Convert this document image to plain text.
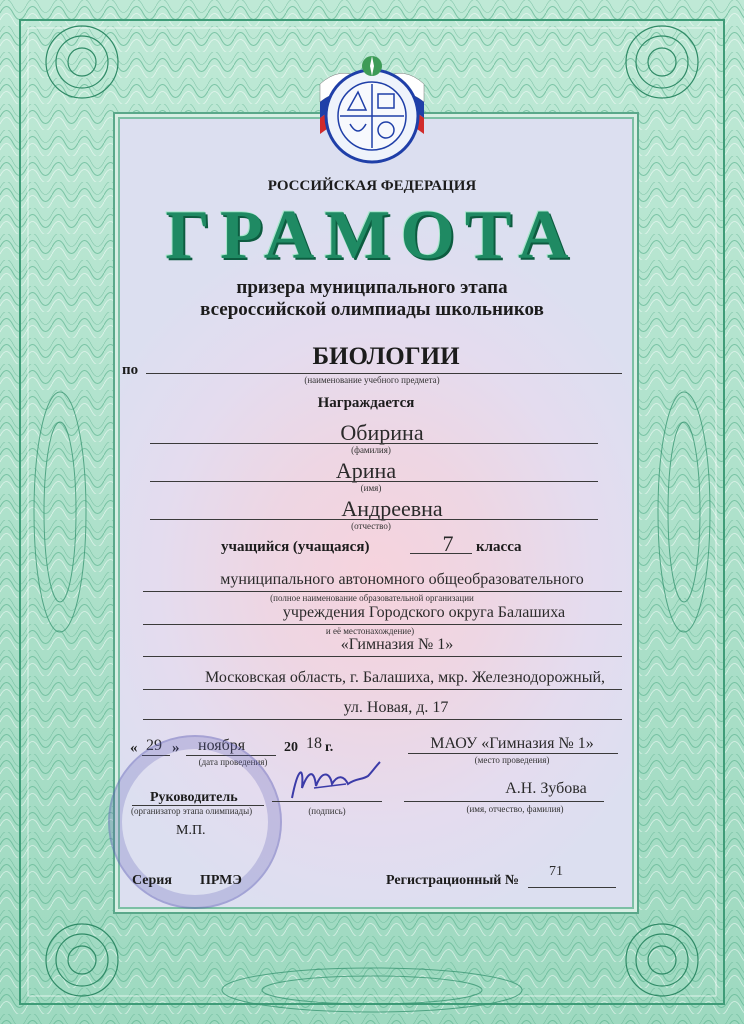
РОССИЙСКАЯ ФЕДЕРАЦИЯ
ГРАМОТА
призера муниципального этапа
всероссийской олимпиады школьников
по	БИОЛОГИИ
(наименование учебного предмета)
Награждается
Обирина
(фамилия)
Арина
(имя)
Андреевна
(отчество)
учащийся (учащаяся)	7 класса
муниципального автономного общеобразовательного
(полное наименование образовательной организации
учреждения Городского округа Балашиха
и её местонахождение)
«Гимназия № 1»
Московская область, г. Балашиха, мкр. Железнодорожный,
ул. Новая, д. 17
« 29 » ноября	20 18 г.
(дата проведения)
МАОУ «Гимназия № 1»
(место проведения)
Руководитель
(организатор этапа олимпиады)	(подпись)
А.Н. Зубова
(имя, отчество, фамилия)
М.П.
Серия ПРМЭ	Регистрационный №
71
